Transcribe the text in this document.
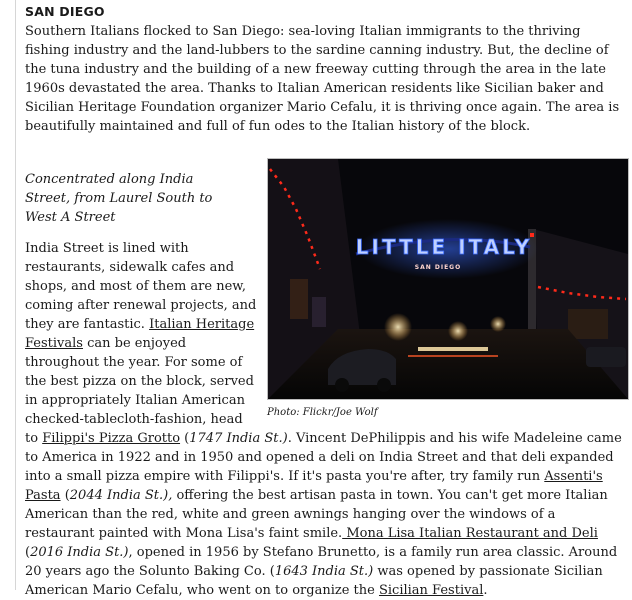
SAN DIEGO

Southern Italians flocked to San Diego: sea-loving Italian immigrants to the thriving fishing industry and the land-lubbers to the sardine canning industry. But, the decline of the tuna industry and the building of a new freeway cutting through the area in the late 1960s devastated the area. Thanks to Italian American residents like Sicilian baker and Sicilian Heritage Foundation organizer Mario Cefalu, it is thriving once again. The area is beautifully maintained and full of fun odes to the Italian history of the block.

LITTLE ITALY
SAN DIEGO
Photo: Flickr/Joe Wolf

Concentrated along India Street, from Laurel South to West A Street

India Street is lined with restaurants, sidewalk cafes and shops, and most of them are new, coming after renewal projects, and they are fantastic. Italian Heritage Festivals can be enjoyed throughout the year. For some of the best pizza on the block, served in appropriately Italian American checked-tablecloth-fashion, head to Filippi's Pizza Grotto (1747 India St.). Vincent DePhilippis and his wife Madeleine came to America in 1922 and in 1950 and opened a deli on India Street and that deli expanded into a small pizza empire with Filippi's. If it's pasta you're after, try family run Assenti's Pasta (2044 India St.), offering the best artisan pasta in town. You can't get more Italian American than the red, white and green awnings hanging over the windows of a restaurant painted with Mona Lisa's faint smile. Mona Lisa Italian Restaurant and Deli (2016 India St.), opened in 1956 by Stefano Brunetto, is a family run area classic. Around 20 years ago the Solunto Baking Co. (1643 India St.) was opened by passionate Sicilian American Mario Cefalu, who went on to organize the Sicilian Festival.
